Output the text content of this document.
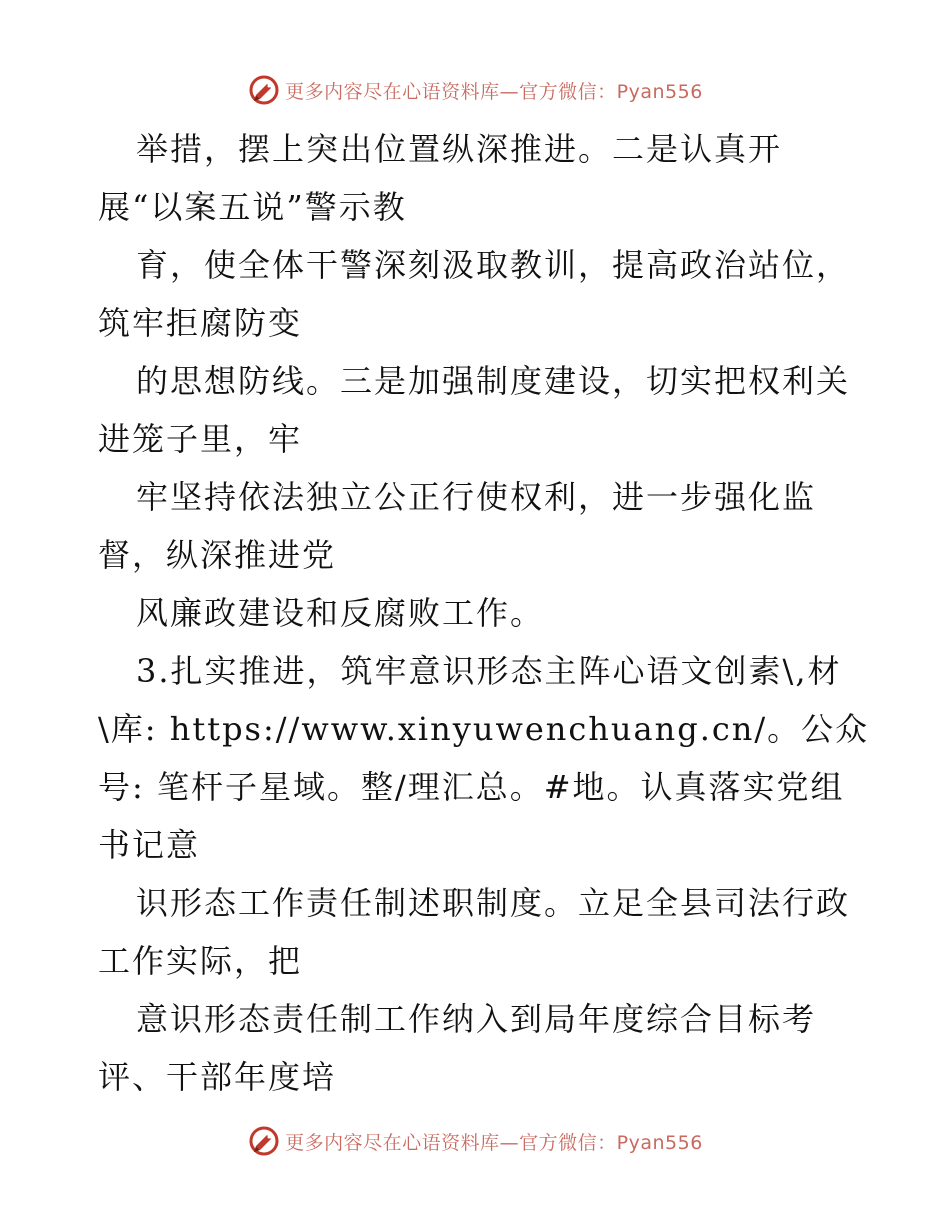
更多内容尽在心语资料库—官方微信：Pyan556
举措，摆上突出位置纵深推进。二是认真开
展“以案五说”警示教
育，使全体干警深刻汲取教训，提高政治站位，
筑牢拒腐防变
的思想防线。三是加强制度建设，切实把权利关
进笼子里，牢
牢坚持依法独立公正行使权利，进一步强化监
督，纵深推进党
风廉政建设和反腐败工作。
3.扎实推进，筑牢意识形态主阵心语文创素\,材
\库: https://www.xinyuwenchuang.cn/。公众
号: 笔杆子星域。整/理汇总。#地。认真落实党组
书记意
识形态工作责任制述职制度。立足全县司法行政
工作实际，把
意识形态责任制工作纳入到局年度综合目标考
评、干部年度培
更多内容尽在心语资料库—官方微信：Pyan556
